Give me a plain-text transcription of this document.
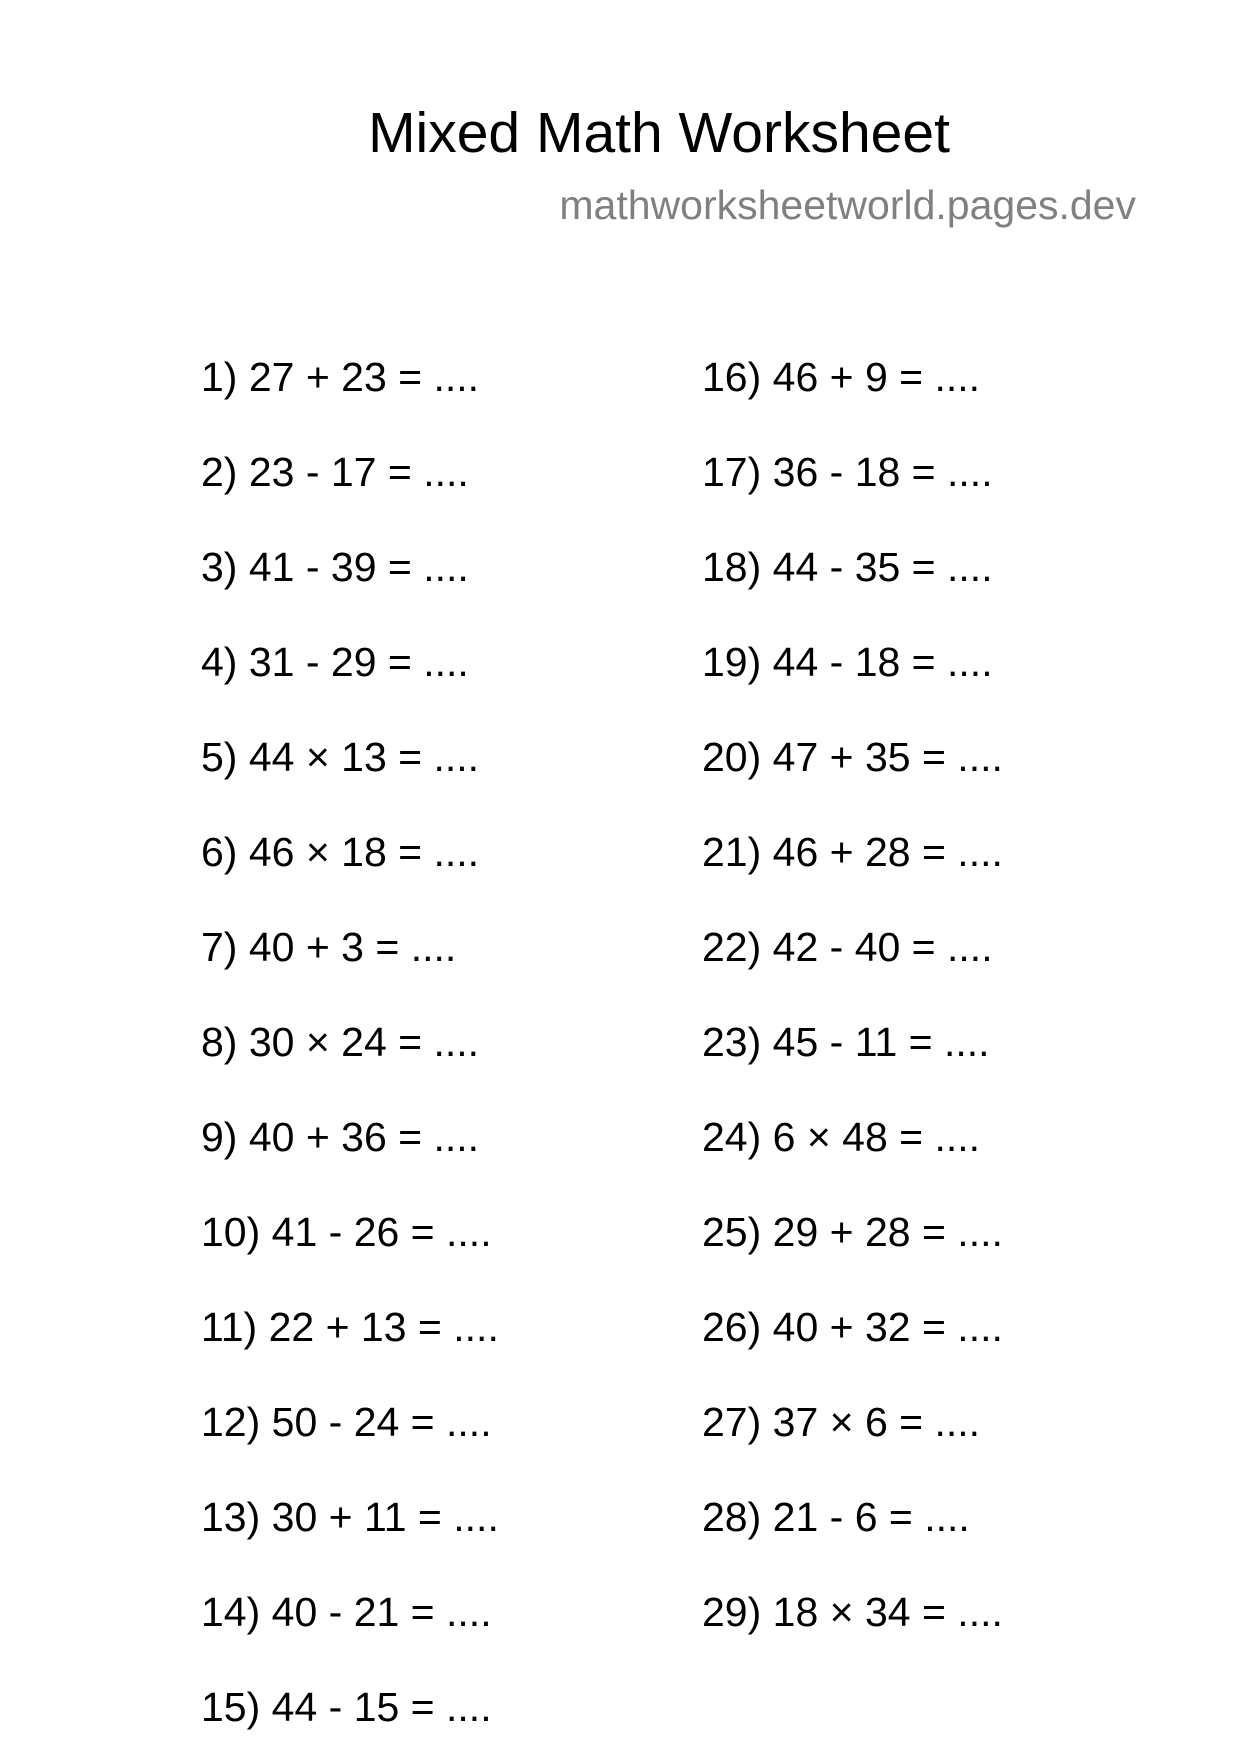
Mixed Math Worksheet
mathworksheetworld.pages.dev
1) 27 + 23 = ....
2) 23 - 17 = ....
3) 41 - 39 = ....
4) 31 - 29 = ....
5) 44 × 13 = ....
6) 46 × 18 = ....
7) 40 + 3 = ....
8) 30 × 24 = ....
9) 40 + 36 = ....
10) 41 - 26 = ....
11) 22 + 13 = ....
12) 50 - 24 = ....
13) 30 + 11 = ....
14) 40 - 21 = ....
15) 44 - 15 = ....
16) 46 + 9 = ....
17) 36 - 18 = ....
18) 44 - 35 = ....
19) 44 - 18 = ....
20) 47 + 35 = ....
21) 46 + 28 = ....
22) 42 - 40 = ....
23) 45 - 11 = ....
24) 6 × 48 = ....
25) 29 + 28 = ....
26) 40 + 32 = ....
27) 37 × 6 = ....
28) 21 - 6 = ....
29) 18 × 34 = ....
